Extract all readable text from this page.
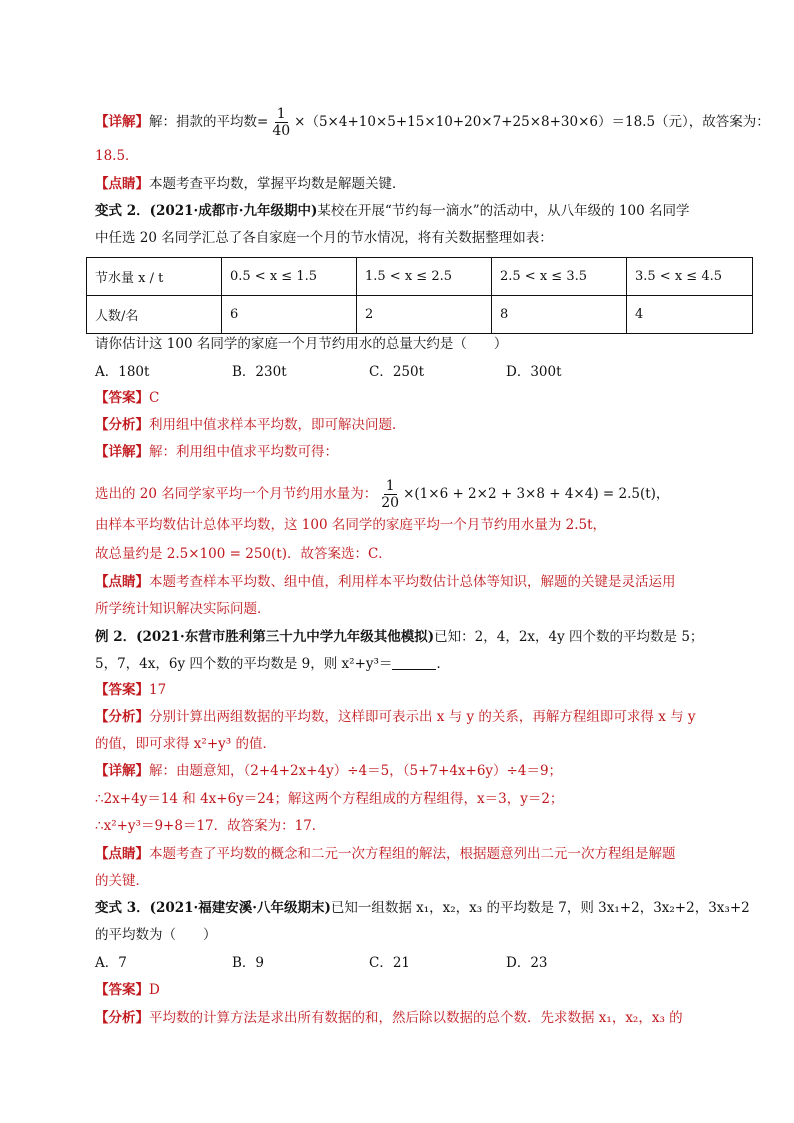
【详解】解：捐款的平均数= $\frac{1}{40} \times(5\times 4+10\times 5+15\times 10+20\times 7+25\times 8+30\times 6)=18.5$（元），故答案为：
18.5．
【点睛】本题考查平均数，掌握平均数是解题关键．
变式 2．(2021·成都市·九年级期中)某校在开展“节约每一滴水”的活动中，从八年级的 100 名同学
中任选 20 名同学汇总了各自家庭一个月的节水情况，将有关数据整理如表：
节水量 x / t	0.5 < x ≤ 1.5	1.5 < x ≤ 2.5	2.5 < x ≤ 3.5	3.5 < x ≤ 4.5
人数/名	6	2	8	4
请你估计这 100 名同学的家庭一个月节约用水的总量大约是（　　）
A．180t	B．230t	C．250t	D．300t
【答案】C
【分析】利用组中值求样本平均数，即可解决问题．
【详解】解：利用组中值求平均数可得：
选出的 20 名同学家平均一个月节约用水量为： $\frac{1}{20} \times(1\times 6 + 2\times 2 + 3\times 8 + 4\times 4) = 2.5(t)$，
由样本平均数估计总体平均数，这 100 名同学的家庭平均一个月节约用水量为 2.5t，
故总量约是 2.5×100 = 250(t)．故答案选：C．
【点睛】本题考查样本平均数、组中值，利用样本平均数估计总体等知识，解题的关键是灵活运用
所学统计知识解决实际问题．
例 2．(2021·东营市胜利第三十九中学九年级其他模拟)已知：2，4，2x，4y 四个数的平均数是 5；
5，7，4x，6y 四个数的平均数是 9，则 x²+y³＝	．
【答案】17
【分析】分别计算出两组数据的平均数，这样即可表示出 x 与 y 的关系，再解方程组即可求得 x 与 y
的值，即可求得 x²+y³ 的值．
【详解】解：由题意知，（2+4+2x+4y）÷4＝5，（5+7+4x+6y）÷4＝9；
∴2x+4y＝14 和 4x+6y＝24；解这两个方程组成的方程组得，x＝3，y＝2；
∴x²+y³＝9+8＝17．故答案为：17．
【点睛】本题考查了平均数的概念和二元一次方程组的解法，根据题意列出二元一次方程组是解题
的关键．
变式 3．(2021·福建安溪·八年级期末)已知一组数据 x₁，x₂，x₃ 的平均数是 7，则 3x₁+2，3x₂+2，3x₃+2
的平均数为（　　）
A．7	B．9	C．21	D．23
【答案】D
【分析】平均数的计算方法是求出所有数据的和，然后除以数据的总个数．先求数据 x₁，x₂，x₃ 的
